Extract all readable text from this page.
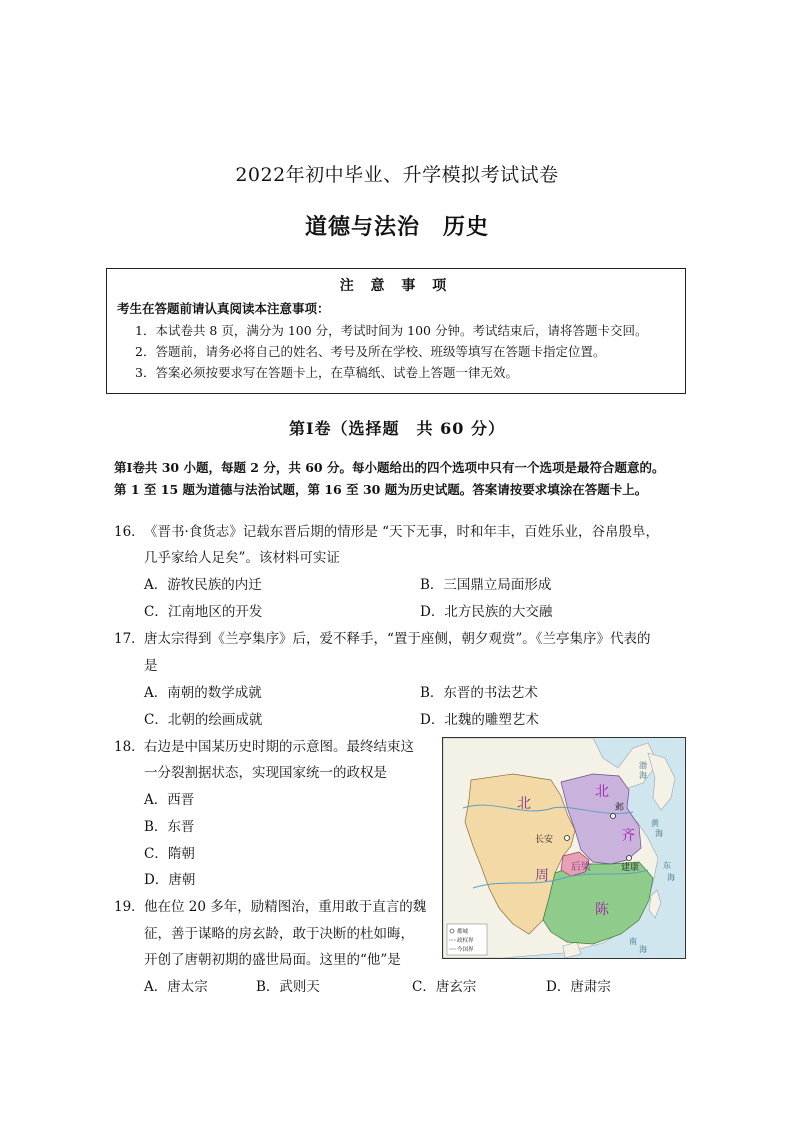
2022年初中毕业、升学模拟考试试卷
道德与法治　历史
注 意 事 项
考生在答题前请认真阅读本注意事项：
1．本试卷共 8 页，满分为 100 分，考试时间为 100 分钟。考试结束后，请将答题卡交回。
2．答题前，请务必将自己的姓名、考号及所在学校、班级等填写在答题卡指定位置。
3．答案必须按要求写在答题卡上，在草稿纸、试卷上答题一律无效。
第Ⅰ卷（选择题　共 60 分）
第Ⅰ卷共 30 小题，每题 2 分，共 60 分。每小题给出的四个选项中只有一个选项是最符合题意的。
第 1 至 15 题为道德与法治试题，第 16 至 30 题为历史试题。答案请按要求填涂在答题卡上。
16． 《晋书·食货志》记载东晋后期的情形是 “天下无事，时和年丰，百姓乐业，谷帛殷阜，
几乎家给人足矣”。该材料可实证
A．游牧民族的内迁	B．三国鼎立局面形成
C．江南地区的开发	D．北方民族的大交融
17． 唐太宗得到《兰亭集序》后，爱不释手，“置于座侧，朝夕观赏”。《兰亭集序》代表的
是
A．南朝的数学成就	B．东晋的书法艺术
C．北朝的绘画成就	D．北魏的雕塑艺术
18． 右边是中国某历史时期的示意图。最终结束这
一分裂割据状态，实现国家统一的政权是
A．西晋
B．东晋
C．隋朝
D．唐朝
19． 他在位 20 多年，励精图治，重用敢于直言的魏
征，善于谋略的房玄龄，敢于决断的杜如晦，
开创了唐朝初期的盛世局面。这里的“他”是
A．唐太宗	B．武则天	C．唐玄宗	D．唐肃宗
长安
邺
建康
北
周
北
齐
后梁
陈
渤
海
黄
海
东
海
南
海
都城
政权界
今国界
